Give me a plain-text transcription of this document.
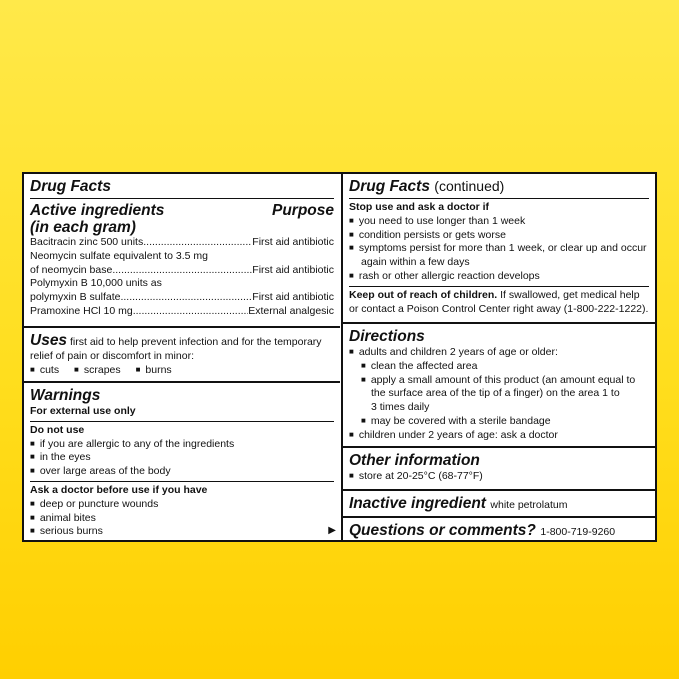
Drug Facts
Active ingredients	Purpose
(in each gram)
Bacitracin zinc 500 units .....	First aid antibiotic
Neomycin sulfate equivalent to 3.5 mg
of neomycin base .....	First aid antibiotic
Polymyxin B 10,000 units as
polymyxin B sulfate .....	First aid antibiotic
Pramoxine HCl 10 mg .....	External analgesic
Uses first aid to help prevent infection and for the temporary
relief of pain or discomfort in minor:
■ cuts ■ scrapes ■ burns
Warnings
For external use only
Do not use
■ if you are allergic to any of the ingredients
■ in the eyes
■ over large areas of the body
Ask a doctor before use if you have
■ deep or puncture wounds
■ animal bites
■ serious burns	▶
Drug Facts (continued)
Stop use and ask a doctor if
■ you need to use longer than 1 week
■ condition persists or gets worse
■ symptoms persist for more than 1 week, or clear up and occur
again within a few days
■ rash or other allergic reaction develops
Keep out of reach of children. If swallowed, get medical help
or contact a Poison Control Center right away (1-800-222-1222).
Directions
■ adults and children 2 years of age or older:
■ clean the affected area
■ apply a small amount of this product (an amount equal to
the surface area of the tip of a finger) on the area 1 to
3 times daily
■ may be covered with a sterile bandage
■ children under 2 years of age: ask a doctor
Other information
■ store at 20-25°C (68-77°F)
Inactive ingredient white petrolatum
Questions or comments? 1-800-719-9260
